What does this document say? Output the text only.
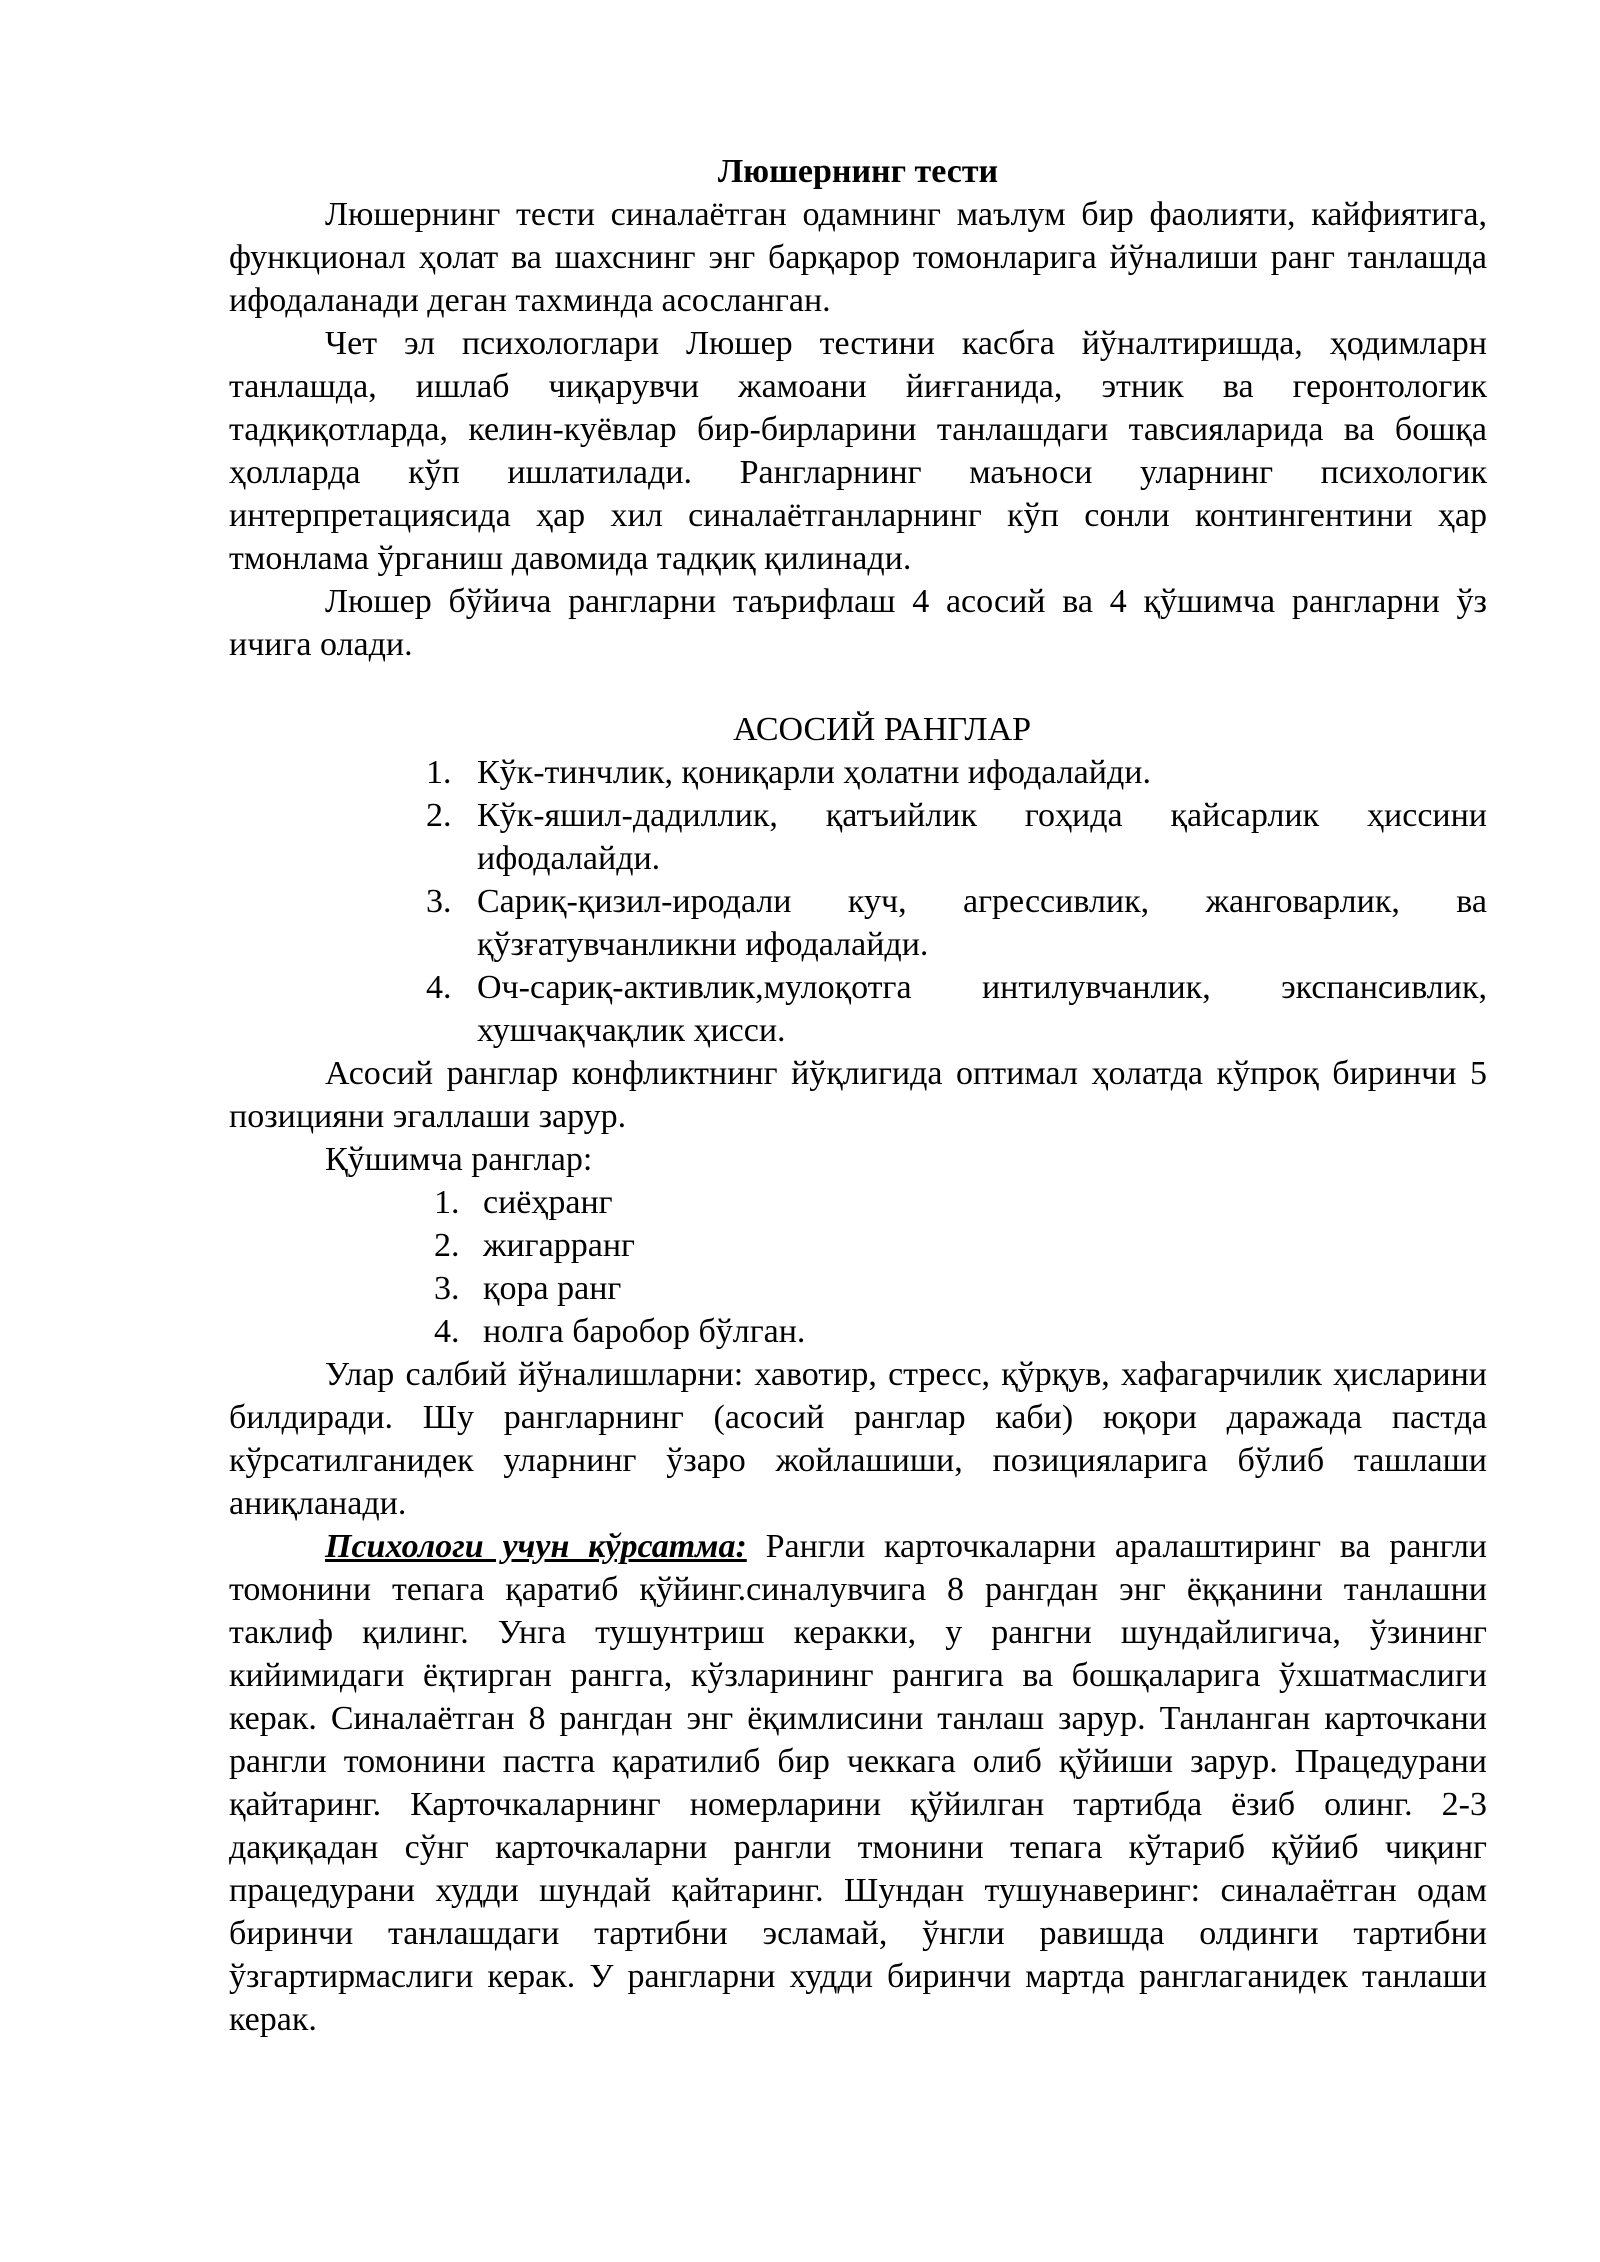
Люшернинг тести

Люшернинг тести синалаётган одамнинг маълум бир фаолияти, кайфиятига, функционал ҳолат ва шахснинг энг барқарор томонларига йўналиши ранг танлашда ифодаланади деган тахминда асосланган.

Чет эл психологлари Люшер тестини касбга йўналтиришда, ҳодимларн танлашда, ишлаб чиқарувчи жамоани йиғганида, этник ва геронтологик тадқиқотларда, келин-куёвлар бир-бирларини танлашдаги тавсияларида ва бошқа ҳолларда кўп ишлатилади. Рангларнинг маъноси уларнинг психологик интерпретациясида ҳар хил синалаётганларнинг кўп сонли контингентини ҳар тмонлама ўрганиш давомида тадқиқ қилинади.

Люшер бўйича рангларни таърифлаш 4 асосий ва 4 қўшимча рангларни ўз ичига олади.

АСОСИЙ РАНГЛАР
1. Кўк-тинчлик, қониқарли ҳолатни ифодалайди.
2. Кўк-яшил-дадиллик, қатъийлик гоҳида қайсарлик ҳиссини ифодалайди.
3. Сариқ-қизил-иродали куч, агрессивлик, жанговарлик, ва қўзғатувчанликни ифодалайди.
4. Оч-сариқ-активлик,мулоқотга интилувчанлик, экспансивлик, хушчақчақлик ҳисси.

Асосий ранглар конфликтнинг йўқлигида оптимал ҳолатда кўпроқ биринчи 5 позицияни эгаллаши зарур.

Қўшимча ранглар:

1. сиёҳранг
2. жигарранг
3. қора ранг
4. нолга баробор бўлган.

Улар салбий йўналишларни: хавотир, стресс, қўрқув, хафагарчилик ҳисларини билдиради. Шу рангларнинг (асосий ранглар каби) юқори даражада пастда кўрсатилганидек уларнинг ўзаро жойлашиши, позицияларига бўлиб ташлаши аниқланади.

Психологи учун кўрсатма: Рангли карточкаларни аралаштиринг ва рангли томонини тепага қаратиб қўйинг.синалувчига 8 рангдан энг ёққанини танлашни таклиф қилинг. Унга тушунтриш керакки, у рангни шундайлигича, ўзининг кийимидаги ёқтирган рангга, кўзларининг рангига ва бошқаларига ўхшатмаслиги керак. Синалаётган 8 рангдан энг ёқимлисини танлаш зарур. Танланган карточкани рангли томонини пастга қаратилиб бир чеккага олиб қўйиши зарур. Працедурани қайтаринг. Карточкаларнинг номерларини қўйилган тартибда ёзиб олинг. 2-3 дақиқадан сўнг карточкаларни рангли тмонини тепага кўтариб қўйиб чиқинг працедурани худди шундай қайтаринг. Шундан тушунаверинг: синалаётган одам биринчи танлашдаги тартибни эсламай, ўнгли равишда олдинги тартибни ўзгартирмаслиги керак. У рангларни худди биринчи мартда ранглаганидек танлаши керак.
